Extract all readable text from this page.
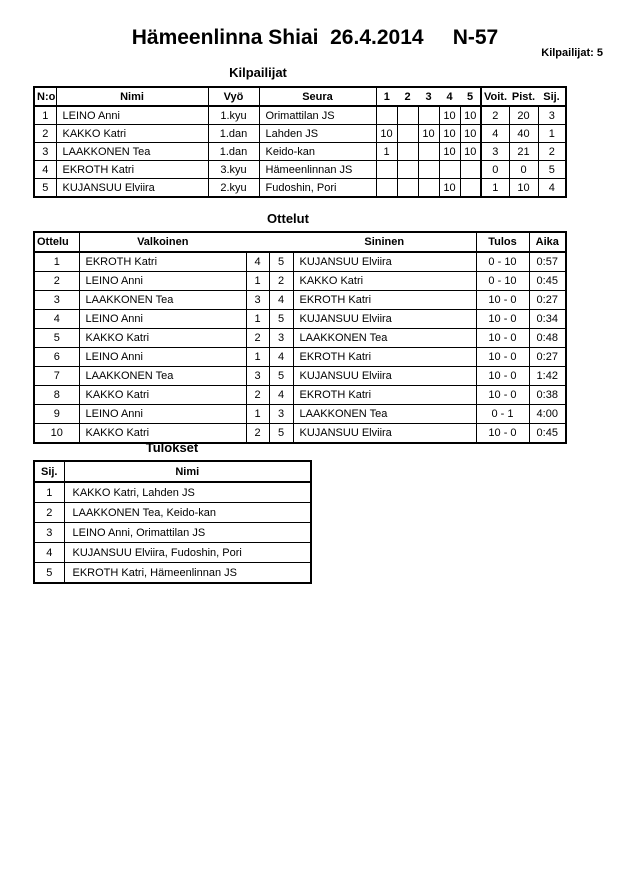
Hämeenlinna Shiai  26.4.2014     N-57
Kilpailijat: 5
Kilpailijat
N:o	Nimi	Vyö	Seura	1	2	3	4	5	Voit.	Pist.	Sij.
1	LEINO Anni	1.kyu	Orimattilan JS				10	10	2	20	3
2	KAKKO Katri	1.dan	Lahden JS	10		10	10	10	4	40	1
3	LAAKKONEN Tea	1.dan	Keido-kan	1			10	10	3	21	2
4	EKROTH Katri	3.kyu	Hämeenlinnan JS						0	0	5
5	KUJANSUU Elviira	2.kyu	Fudoshin, Pori				10		1	10	4
Ottelut
Ottelu	Valkoinen			Sininen	Tulos	Aika
1	EKROTH Katri	4	5	KUJANSUU Elviira	0 - 10	0:57
2	LEINO Anni	1	2	KAKKO Katri	0 - 10	0:45
3	LAAKKONEN Tea	3	4	EKROTH Katri	10 - 0	0:27
4	LEINO Anni	1	5	KUJANSUU Elviira	10 - 0	0:34
5	KAKKO Katri	2	3	LAAKKONEN Tea	10 - 0	0:48
6	LEINO Anni	1	4	EKROTH Katri	10 - 0	0:27
7	LAAKKONEN Tea	3	5	KUJANSUU Elviira	10 - 0	1:42
8	KAKKO Katri	2	4	EKROTH Katri	10 - 0	0:38
9	LEINO Anni	1	3	LAAKKONEN Tea	0 - 1	4:00
10	KAKKO Katri	2	5	KUJANSUU Elviira	10 - 0	0:45
Tulokset
Sij.	Nimi
1	KAKKO Katri, Lahden JS
2	LAAKKONEN Tea, Keido-kan
3	LEINO Anni, Orimattilan JS
4	KUJANSUU Elviira, Fudoshin, Pori
5	EKROTH Katri, Hämeenlinnan JS
